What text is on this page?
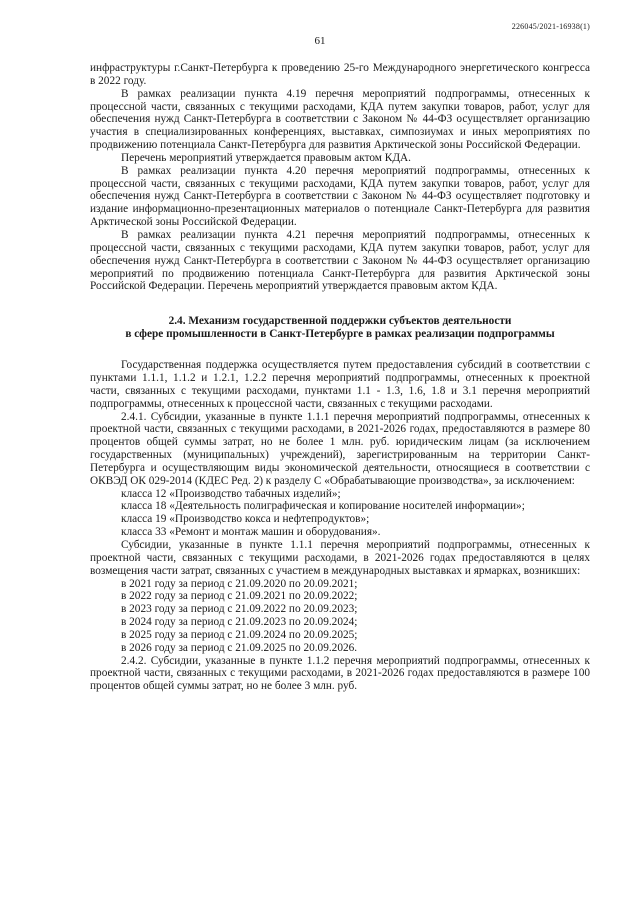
226045/2021-16938(1)
61

инфраструктуры г.Санкт-Петербурга к проведению 25-го Международного энергетического конгресса в 2022 году.

В рамках реализации пункта 4.19 перечня мероприятий подпрограммы, отнесенных к процессной части, связанных с текущими расходами, КДА путем закупки товаров, работ, услуг для обеспечения нужд Санкт-Петербурга в соответствии с Законом № 44-ФЗ осуществляет организацию участия в специализированных конференциях, выставках, симпозиумах и иных мероприятиях по продвижению потенциала Санкт-Петербурга для развития Арктической зоны Российской Федерации.

Перечень мероприятий утверждается правовым актом КДА.

В рамках реализации пункта 4.20 перечня мероприятий подпрограммы, отнесенных к процессной части, связанных с текущими расходами, КДА путем закупки товаров, работ, услуг для обеспечения нужд Санкт-Петербурга в соответствии с Законом № 44-ФЗ осуществляет подготовку и издание информационно-презентационных материалов о потенциале Санкт-Петербурга для развития Арктической зоны Российской Федерации.

В рамках реализации пункта 4.21 перечня мероприятий подпрограммы, отнесенных к процессной части, связанных с текущими расходами, КДА путем закупки товаров, работ, услуг для обеспечения нужд Санкт-Петербурга в соответствии с Законом № 44-ФЗ осуществляет организацию мероприятий по продвижению потенциала Санкт-Петербурга для развития Арктической зоны Российской Федерации. Перечень мероприятий утверждается правовым актом КДА.

2.4. Механизм государственной поддержки субъектов деятельности
в сфере промышленности в Санкт-Петербурге в рамках реализации подпрограммы

Государственная поддержка осуществляется путем предоставления субсидий в соответствии с пунктами 1.1.1, 1.1.2 и 1.2.1, 1.2.2 перечня мероприятий подпрограммы, отнесенных к проектной части, связанных с текущими расходами, пунктами 1.1 - 1.3, 1.6, 1.8 и 3.1 перечня мероприятий подпрограммы, отнесенных к процессной части, связанных с текущими расходами.

2.4.1. Субсидии, указанные в пункте 1.1.1 перечня мероприятий подпрограммы, отнесенных к проектной части, связанных с текущими расходами, в 2021-2026 годах, предоставляются в размере 80 процентов общей суммы затрат, но не более 1 млн. руб. юридическим лицам (за исключением государственных (муниципальных) учреждений), зарегистрированным на территории Санкт-Петербурга и осуществляющим виды экономической деятельности, относящиеся в соответствии с ОКВЭД ОК 029-2014 (КДЕС Ред. 2) к разделу С «Обрабатывающие производства», за исключением:

класса 12 «Производство табачных изделий»;
класса 18 «Деятельность полиграфическая и копирование носителей информации»;
класса 19 «Производство кокса и нефтепродуктов»;
класса 33 «Ремонт и монтаж машин и оборудования».

Субсидии, указанные в пункте 1.1.1 перечня мероприятий подпрограммы, отнесенных к проектной части, связанных с текущими расходами, в 2021-2026 годах предоставляются в целях возмещения части затрат, связанных с участием в международных выставках и ярмарках, возникших:

в 2021 году за период с 21.09.2020 по 20.09.2021;
в 2022 году за период с 21.09.2021 по 20.09.2022;
в 2023 году за период с 21.09.2022 по 20.09.2023;
в 2024 году за период с 21.09.2023 по 20.09.2024;
в 2025 году за период с 21.09.2024 по 20.09.2025;
в 2026 году за период с 21.09.2025 по 20.09.2026.

2.4.2. Субсидии, указанные в пункте 1.1.2 перечня мероприятий подпрограммы, отнесенных к проектной части, связанных с текущими расходами, в 2021-2026 годах предоставляются в размере 100 процентов общей суммы затрат, но не более 3 млн. руб.
